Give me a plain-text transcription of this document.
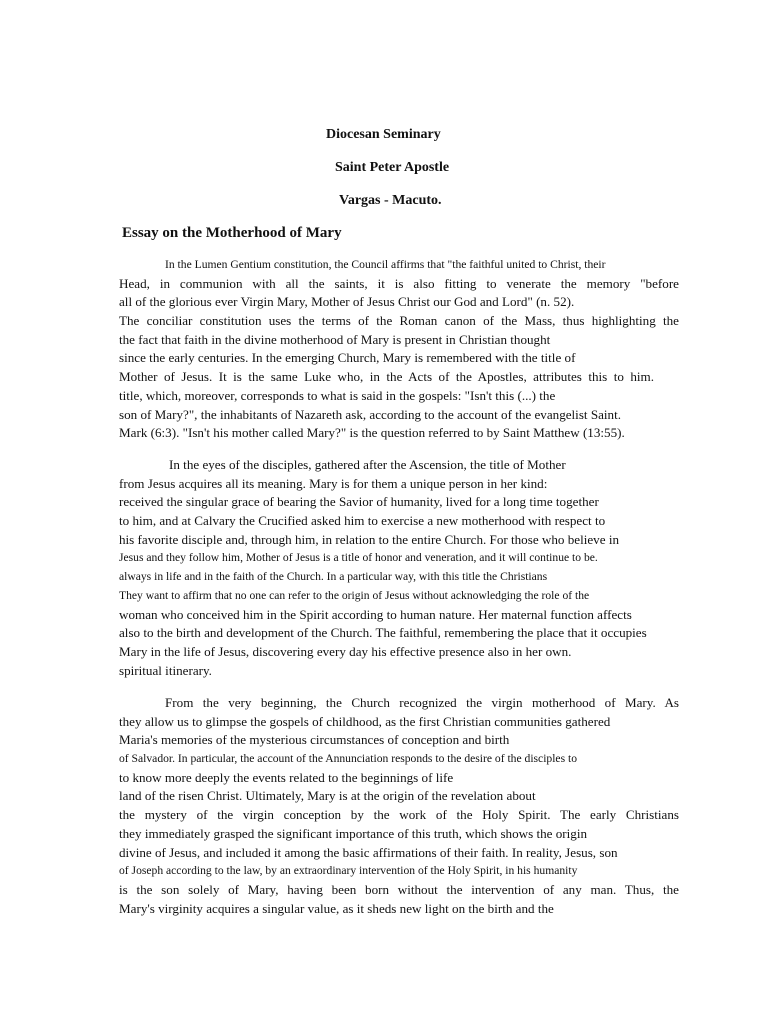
Diocesan Seminary
Saint Peter Apostle
Vargas - Macuto.
Essay on the Motherhood of Mary
In the Lumen Gentium constitution, the Council affirms that "the faithful united to Christ, their
Head, in communion with all the saints, it is also fitting to venerate the memory "before
all of the glorious ever Virgin Mary, Mother of Jesus Christ our God and Lord" (n. 52).
The conciliar constitution uses the terms of the Roman canon of the Mass, thus highlighting the
the fact that faith in the divine motherhood of Mary is present in Christian thought
since the early centuries. In the emerging Church, Mary is remembered with the title of
Mother of Jesus. It is the same Luke who, in the Acts of the Apostles, attributes this to him.
title, which, moreover, corresponds to what is said in the gospels: "Isn't this (...) the
son of Mary?", the inhabitants of Nazareth ask, according to the account of the evangelist Saint.
Mark (6:3). "Isn't his mother called Mary?" is the question referred to by Saint Matthew (13:55).
In the eyes of the disciples, gathered after the Ascension, the title of Mother
from Jesus acquires all its meaning. Mary is for them a unique person in her kind:
received the singular grace of bearing the Savior of humanity, lived for a long time together
to him, and at Calvary the Crucified asked him to exercise a new motherhood with respect to
his favorite disciple and, through him, in relation to the entire Church. For those who believe in
Jesus and they follow him, Mother of Jesus is a title of honor and veneration, and it will continue to be.
always in life and in the faith of the Church. In a particular way, with this title the Christians
They want to affirm that no one can refer to the origin of Jesus without acknowledging the role of the
woman who conceived him in the Spirit according to human nature. Her maternal function affects
also to the birth and development of the Church. The faithful, remembering the place that it occupies
Mary in the life of Jesus, discovering every day his effective presence also in her own.
spiritual itinerary.
From the very beginning, the Church recognized the virgin motherhood of Mary. As
they allow us to glimpse the gospels of childhood, as the first Christian communities gathered
Maria's memories of the mysterious circumstances of conception and birth
of Salvador. In particular, the account of the Annunciation responds to the desire of the disciples to
to know more deeply the events related to the beginnings of life
land of the risen Christ. Ultimately, Mary is at the origin of the revelation about
the mystery of the virgin conception by the work of the Holy Spirit. The early Christians
they immediately grasped the significant importance of this truth, which shows the origin
divine of Jesus, and included it among the basic affirmations of their faith. In reality, Jesus, son
of Joseph according to the law, by an extraordinary intervention of the Holy Spirit, in his humanity
is the son solely of Mary, having been born without the intervention of any man. Thus, the
Mary's virginity acquires a singular value, as it sheds new light on the birth and the
